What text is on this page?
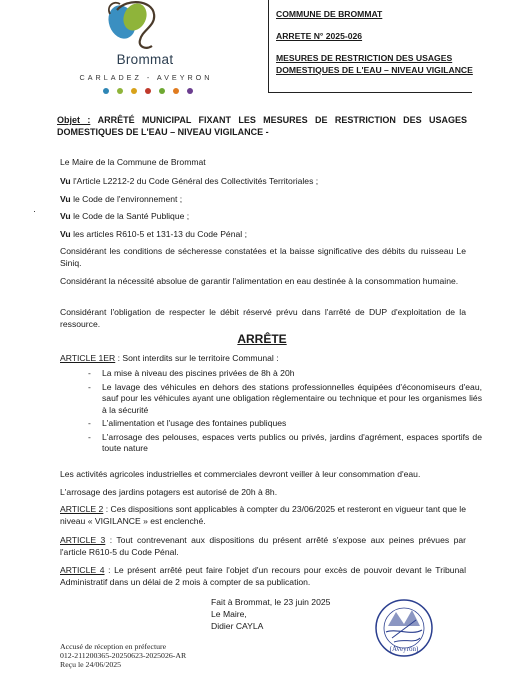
Brommat
CARLADEZ - AVEYRON
COMMUNE DE BROMMAT
ARRETE N° 2025-026
MESURES DE RESTRICTION DES USAGES
DOMESTIQUES DE L'EAU – NIVEAU VIGILANCE
Objet : ARRÊTÉ MUNICIPAL FIXANT LES MESURES DE RESTRICTION DES USAGES DOMESTIQUES DE L'EAU – NIVEAU VIGILANCE -
·
Le Maire de la Commune de Brommat
Vu l'Article L2212-2 du Code Général des Collectivités Territoriales ;
Vu le Code de l'environnement ;
Vu le Code de la Santé Publique ;
Vu les articles R610-5 et 131-13 du Code Pénal ;
Considérant les conditions de sécheresse constatées et la baisse significative des débits du ruisseau Le Siniq.
Considérant la nécessité absolue de garantir l'alimentation en eau destinée à la consommation humaine.
Considérant l'obligation de respecter le débit réservé prévu dans l'arrêté de DUP d'exploitation de la ressource.
ARRÊTE
ARTICLE 1ER : Sont interdits sur le territoire Communal :
- La mise à niveau des piscines privées de 8h à 20h
- Le lavage des véhicules en dehors des stations professionnelles équipées d'économiseurs d'eau, sauf pour les véhicules ayant une obligation règlementaire ou technique et pour les organismes liés à la sécurité
- L'alimentation et l'usage des fontaines publiques
- L'arrosage des pelouses, espaces verts publics ou privés, jardins d'agrément, espaces sportifs de toute nature
Les activités agricoles industrielles et commerciales devront veiller à leur consommation d'eau.
L'arrosage des jardins potagers est autorisé de 20h à 8h.
ARTICLE 2 : Ces dispositions sont applicables à compter du 23/06/2025 et resteront en vigueur tant que le niveau « VIGILANCE » est enclenché.
ARTICLE 3 : Tout contrevenant aux dispositions du présent arrêté s'expose aux peines prévues par l'article R610-5 du Code Pénal.
ARTICLE 4 : Le présent arrêté peut faire l'objet d'un recours pour excès de pouvoir devant le Tribunal Administratif dans un délai de 2 mois à compter de sa publication.
Fait à Brommat, le 23 juin 2025
Le Maire,
Didier CAYLA
(Aveyron)
Accusé de réception en préfecture
012-211200365-20250623-2025026-AR
Reçu le 24/06/2025
